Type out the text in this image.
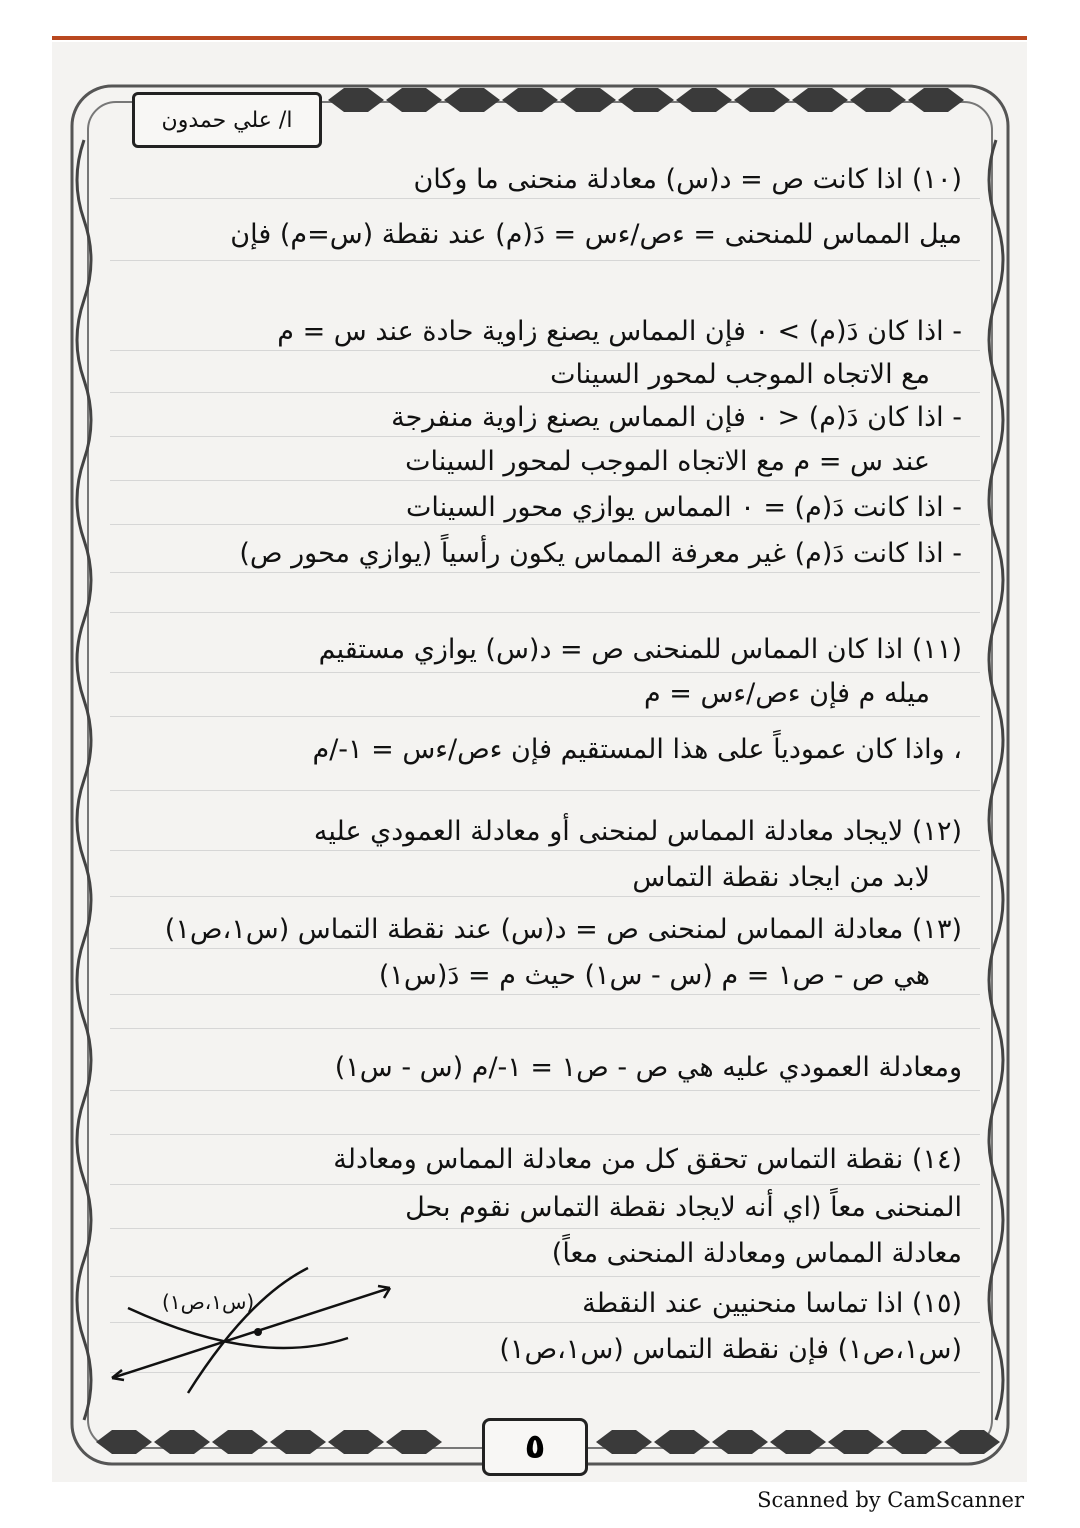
ا/ علي حمدون
(١٠) اذا كانت ص = د(س) معادلة منحنى ما وكان
ميل المماس للمنحنى = ءص/ءس = دَ(م) عند نقطة (س=م) فإن
- اذا كان دَ(م) > ٠ فإن المماس يصنع زاوية حادة عند س = م
مع الاتجاه الموجب لمحور السينات
- اذا كان دَ(م) < ٠ فإن المماس يصنع زاوية منفرجة
عند س = م مع الاتجاه الموجب لمحور السينات
- اذا كانت دَ(م) = ٠ المماس يوازي محور السينات
- اذا كانت دَ(م) غير معرفة المماس يكون رأسياً (يوازي محور ص)
(١١) اذا كان المماس للمنحنى ص = د(س) يوازي مستقيم
ميله م فإن ءص/ءس = م
، واذا كان عمودياً على هذا المستقيم فإن ءص/ءس = ١-/م
(١٢) لايجاد معادلة المماس لمنحنى أو معادلة العمودي عليه
لابد من ايجاد نقطة التماس
(١٣) معادلة المماس لمنحنى ص = د(س) عند نقطة التماس (س١،ص١)
هي ص - ص١ = م (س - س١) حيث م = دَ(س١)
ومعادلة العمودي عليه هي ص - ص١ = ١-/م (س - س١)
(١٤) نقطة التماس تحقق كل من معادلة المماس ومعادلة
المنحنى معاً (اي أنه لايجاد نقطة التماس نقوم بحل
معادلة المماس ومعادلة المنحنى معاً)
(١٥) اذا تماسا منحنيين عند النقطة
(س١،ص١) فإن نقطة التماس (س١،ص١)
(س١،ص١)
٥
Scanned by CamScanner
